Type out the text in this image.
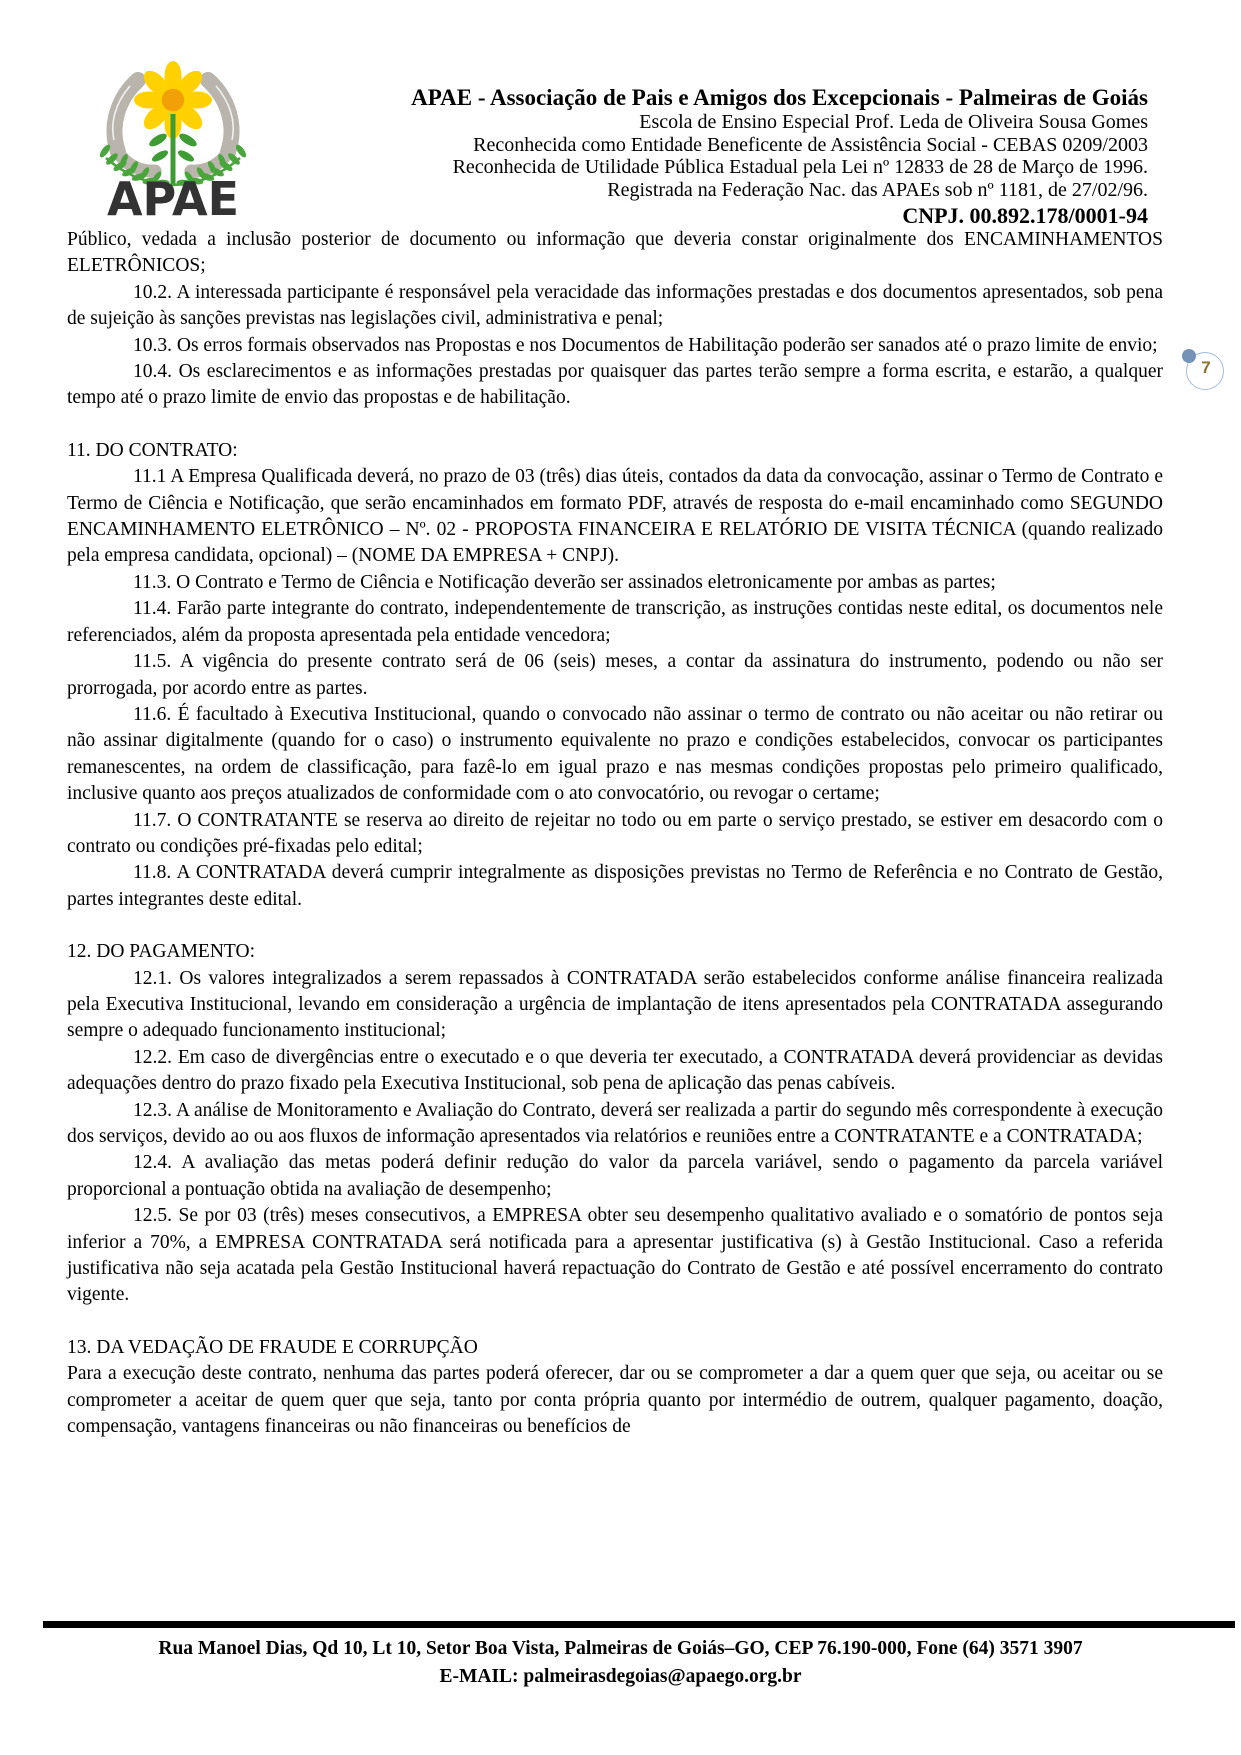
APAE
APAE - Associação de Pais e Amigos dos Excepcionais - Palmeiras de Goiás
Escola de Ensino Especial Prof. Leda de Oliveira Sousa Gomes
Reconhecida como Entidade Beneficente de Assistência Social - CEBAS 0209/2003
Reconhecida de Utilidade Pública Estadual pela Lei nº 12833 de 28 de Março de 1996.
Registrada na Federação Nac. das APAEs sob nº 1181, de 27/02/96.
CNPJ. 00.892.178/0001-94
7

Público, vedada a inclusão posterior de documento ou informação que deveria constar originalmente dos ENCAMINHAMENTOS ELETRÔNICOS;

10.2. A interessada participante é responsável pela veracidade das informações prestadas e dos documentos apresentados, sob pena de sujeição às sanções previstas nas legislações civil, administrativa e penal;

10.3. Os erros formais observados nas Propostas e nos Documentos de Habilitação poderão ser sanados até o prazo limite de envio;

10.4. Os esclarecimentos e as informações prestadas por quaisquer das partes terão sempre a forma escrita, e estarão, a qualquer tempo até o prazo limite de envio das propostas e de habilitação.

11. DO CONTRATO:

11.1 A Empresa Qualificada deverá, no prazo de 03 (três) dias úteis, contados da data da convocação, assinar o Termo de Contrato e Termo de Ciência e Notificação, que serão encaminhados em formato PDF, através de resposta do e-mail encaminhado como SEGUNDO ENCAMINHAMENTO ELETRÔNICO – Nº. 02 - PROPOSTA FINANCEIRA E RELATÓRIO DE VISITA TÉCNICA (quando realizado pela empresa candidata, opcional) – (NOME DA EMPRESA + CNPJ).

11.3. O Contrato e Termo de Ciência e Notificação deverão ser assinados eletronicamente por ambas as partes;

11.4. Farão parte integrante do contrato, independentemente de transcrição, as instruções contidas neste edital, os documentos nele referenciados, além da proposta apresentada pela entidade vencedora;

11.5. A vigência do presente contrato será de 06 (seis) meses, a contar da assinatura do instrumento, podendo ou não ser prorrogada, por acordo entre as partes.

11.6. É facultado à Executiva Institucional, quando o convocado não assinar o termo de contrato ou não aceitar ou não retirar ou não assinar digitalmente (quando for o caso) o instrumento equivalente no prazo e condições estabelecidos, convocar os participantes remanescentes, na ordem de classificação, para fazê-lo em igual prazo e nas mesmas condições propostas pelo primeiro qualificado, inclusive quanto aos preços atualizados de conformidade com o ato convocatório, ou revogar o certame;

11.7. O CONTRATANTE se reserva ao direito de rejeitar no todo ou em parte o serviço prestado, se estiver em desacordo com o contrato ou condições pré-fixadas pelo edital;

11.8. A CONTRATADA deverá cumprir integralmente as disposições previstas no Termo de Referência e no Contrato de Gestão, partes integrantes deste edital.

12. DO PAGAMENTO:

12.1. Os valores integralizados a serem repassados à CONTRATADA serão estabelecidos conforme análise financeira realizada pela Executiva Institucional, levando em consideração a urgência de implantação de itens apresentados pela CONTRATADA assegurando sempre o adequado funcionamento institucional;

12.2. Em caso de divergências entre o executado e o que deveria ter executado, a CONTRATADA deverá providenciar as devidas adequações dentro do prazo fixado pela Executiva Institucional, sob pena de aplicação das penas cabíveis.

12.3. A análise de Monitoramento e Avaliação do Contrato, deverá ser realizada a partir do segundo mês correspondente à execução dos serviços, devido ao ou aos fluxos de informação apresentados via relatórios e reuniões entre a CONTRATANTE e a CONTRATADA;

12.4. A avaliação das metas poderá definir redução do valor da parcela variável, sendo o pagamento da parcela variável proporcional a pontuação obtida na avaliação de desempenho;

12.5. Se por 03 (três) meses consecutivos, a EMPRESA obter seu desempenho qualitativo avaliado e o somatório de pontos seja inferior a 70%, a EMPRESA CONTRATADA será notificada para a apresentar justificativa (s) à Gestão Institucional. Caso a referida justificativa não seja acatada pela Gestão Institucional haverá repactuação do Contrato de Gestão e até possível encerramento do contrato vigente.

13. DA VEDAÇÃO DE FRAUDE E CORRUPÇÃO

Para a execução deste contrato, nenhuma das partes poderá oferecer, dar ou se comprometer a dar a quem quer que seja, ou aceitar ou se comprometer a aceitar de quem quer que seja, tanto por conta própria quanto por intermédio de outrem, qualquer pagamento, doação, compensação, vantagens financeiras ou não financeiras ou benefícios de

Rua Manoel Dias, Qd 10, Lt 10, Setor Boa Vista, Palmeiras de Goiás–GO, CEP 76.190-000, Fone (64) 3571 3907
E-MAIL: palmeirasdegoias@apaego.org.br
